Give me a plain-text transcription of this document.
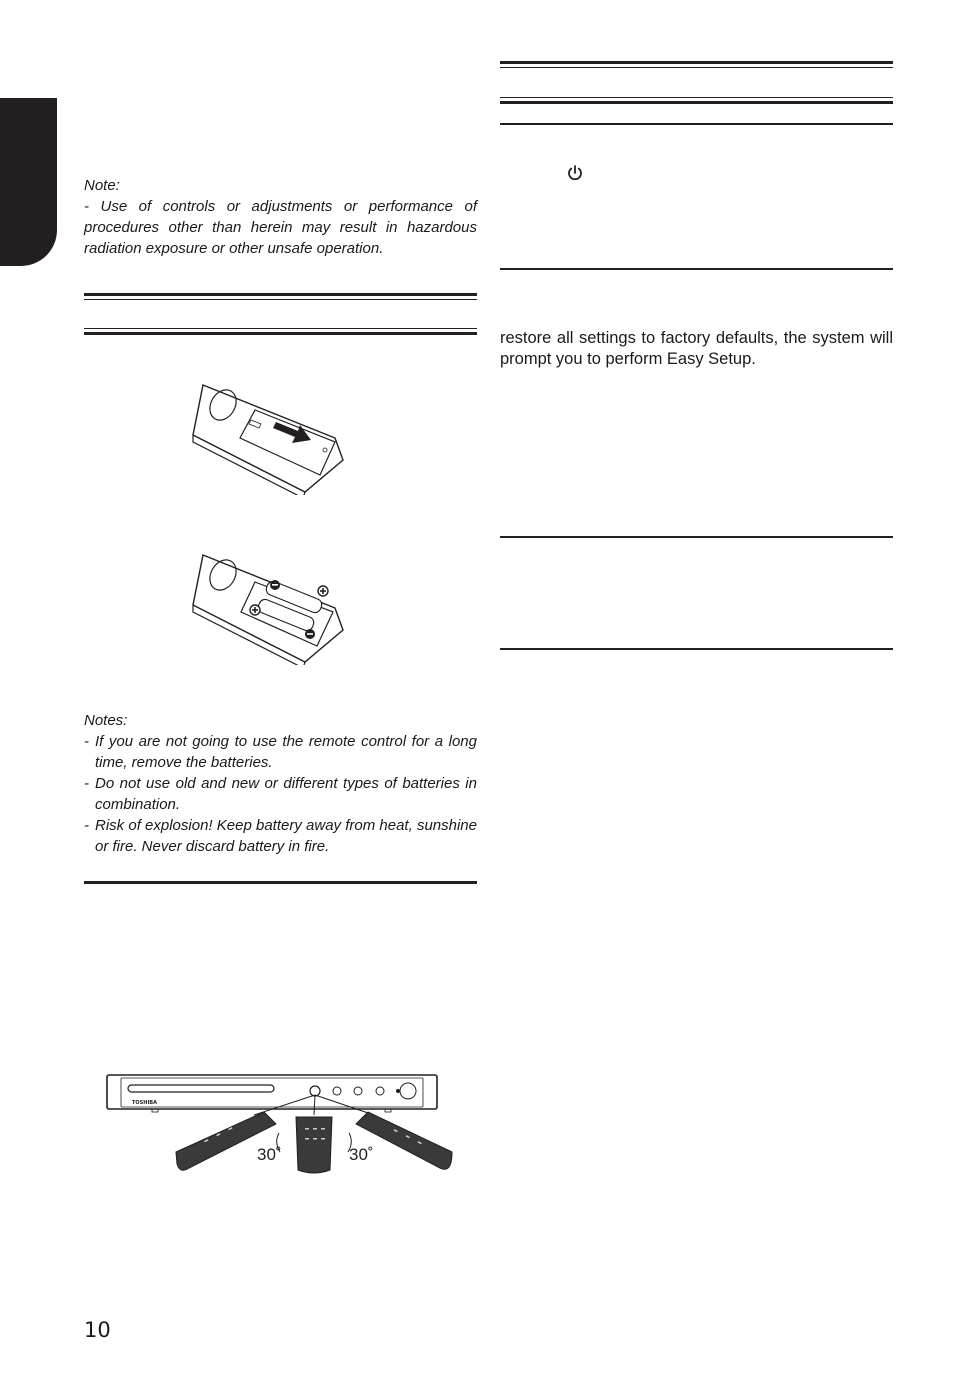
Note:
- Use of controls or adjustments or performance of procedures other than herein may result in hazardous radiation exposure or other unsafe operation.
Notes:
- If you are not going to use the remote control for a long time, remove the batteries.
- Do not use old and new or different types of batteries in combination.
- Risk of explosion! Keep battery away from heat, sunshine or fire. Never discard battery in fire.
TOSHIBA
30˚	30˚
restore all settings to factory defaults, the system will prompt you to perform Easy Setup.
10
